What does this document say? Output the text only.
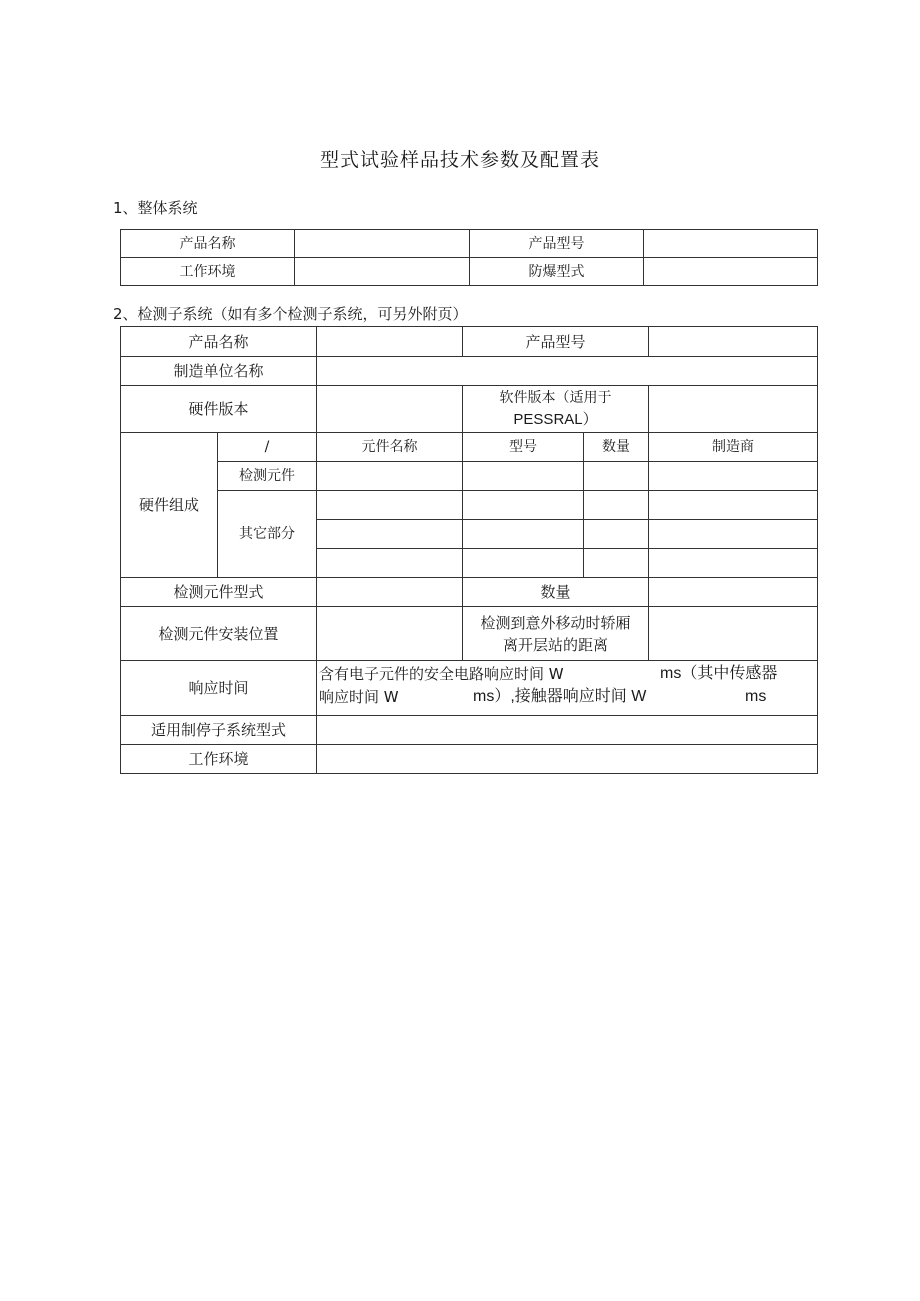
型式试验样品技术参数及配置表
1、整体系统
产品名称		产品型号	
工作环境		防爆型式	
2、检测子系统（如有多个检测子系统，可另外附页）
产品名称			产品型号		
制造单位名称					
硬件版本			软件版本（适用于
PESSRAL）		

硬件组成	/	元件名称	型号	数量	制造商
	检测元件				
	其它部分				

检测元件型式			数量		
检测元件安装位置			检测到意外移动时轿厢
离开层站的距离		

响应时间		含有电子元件的安全电路响应时间 W ms（其中传感器
响应时间 W ms）,接触器响应时间 W ms			

适用制停子系统型式					
工作环境					
